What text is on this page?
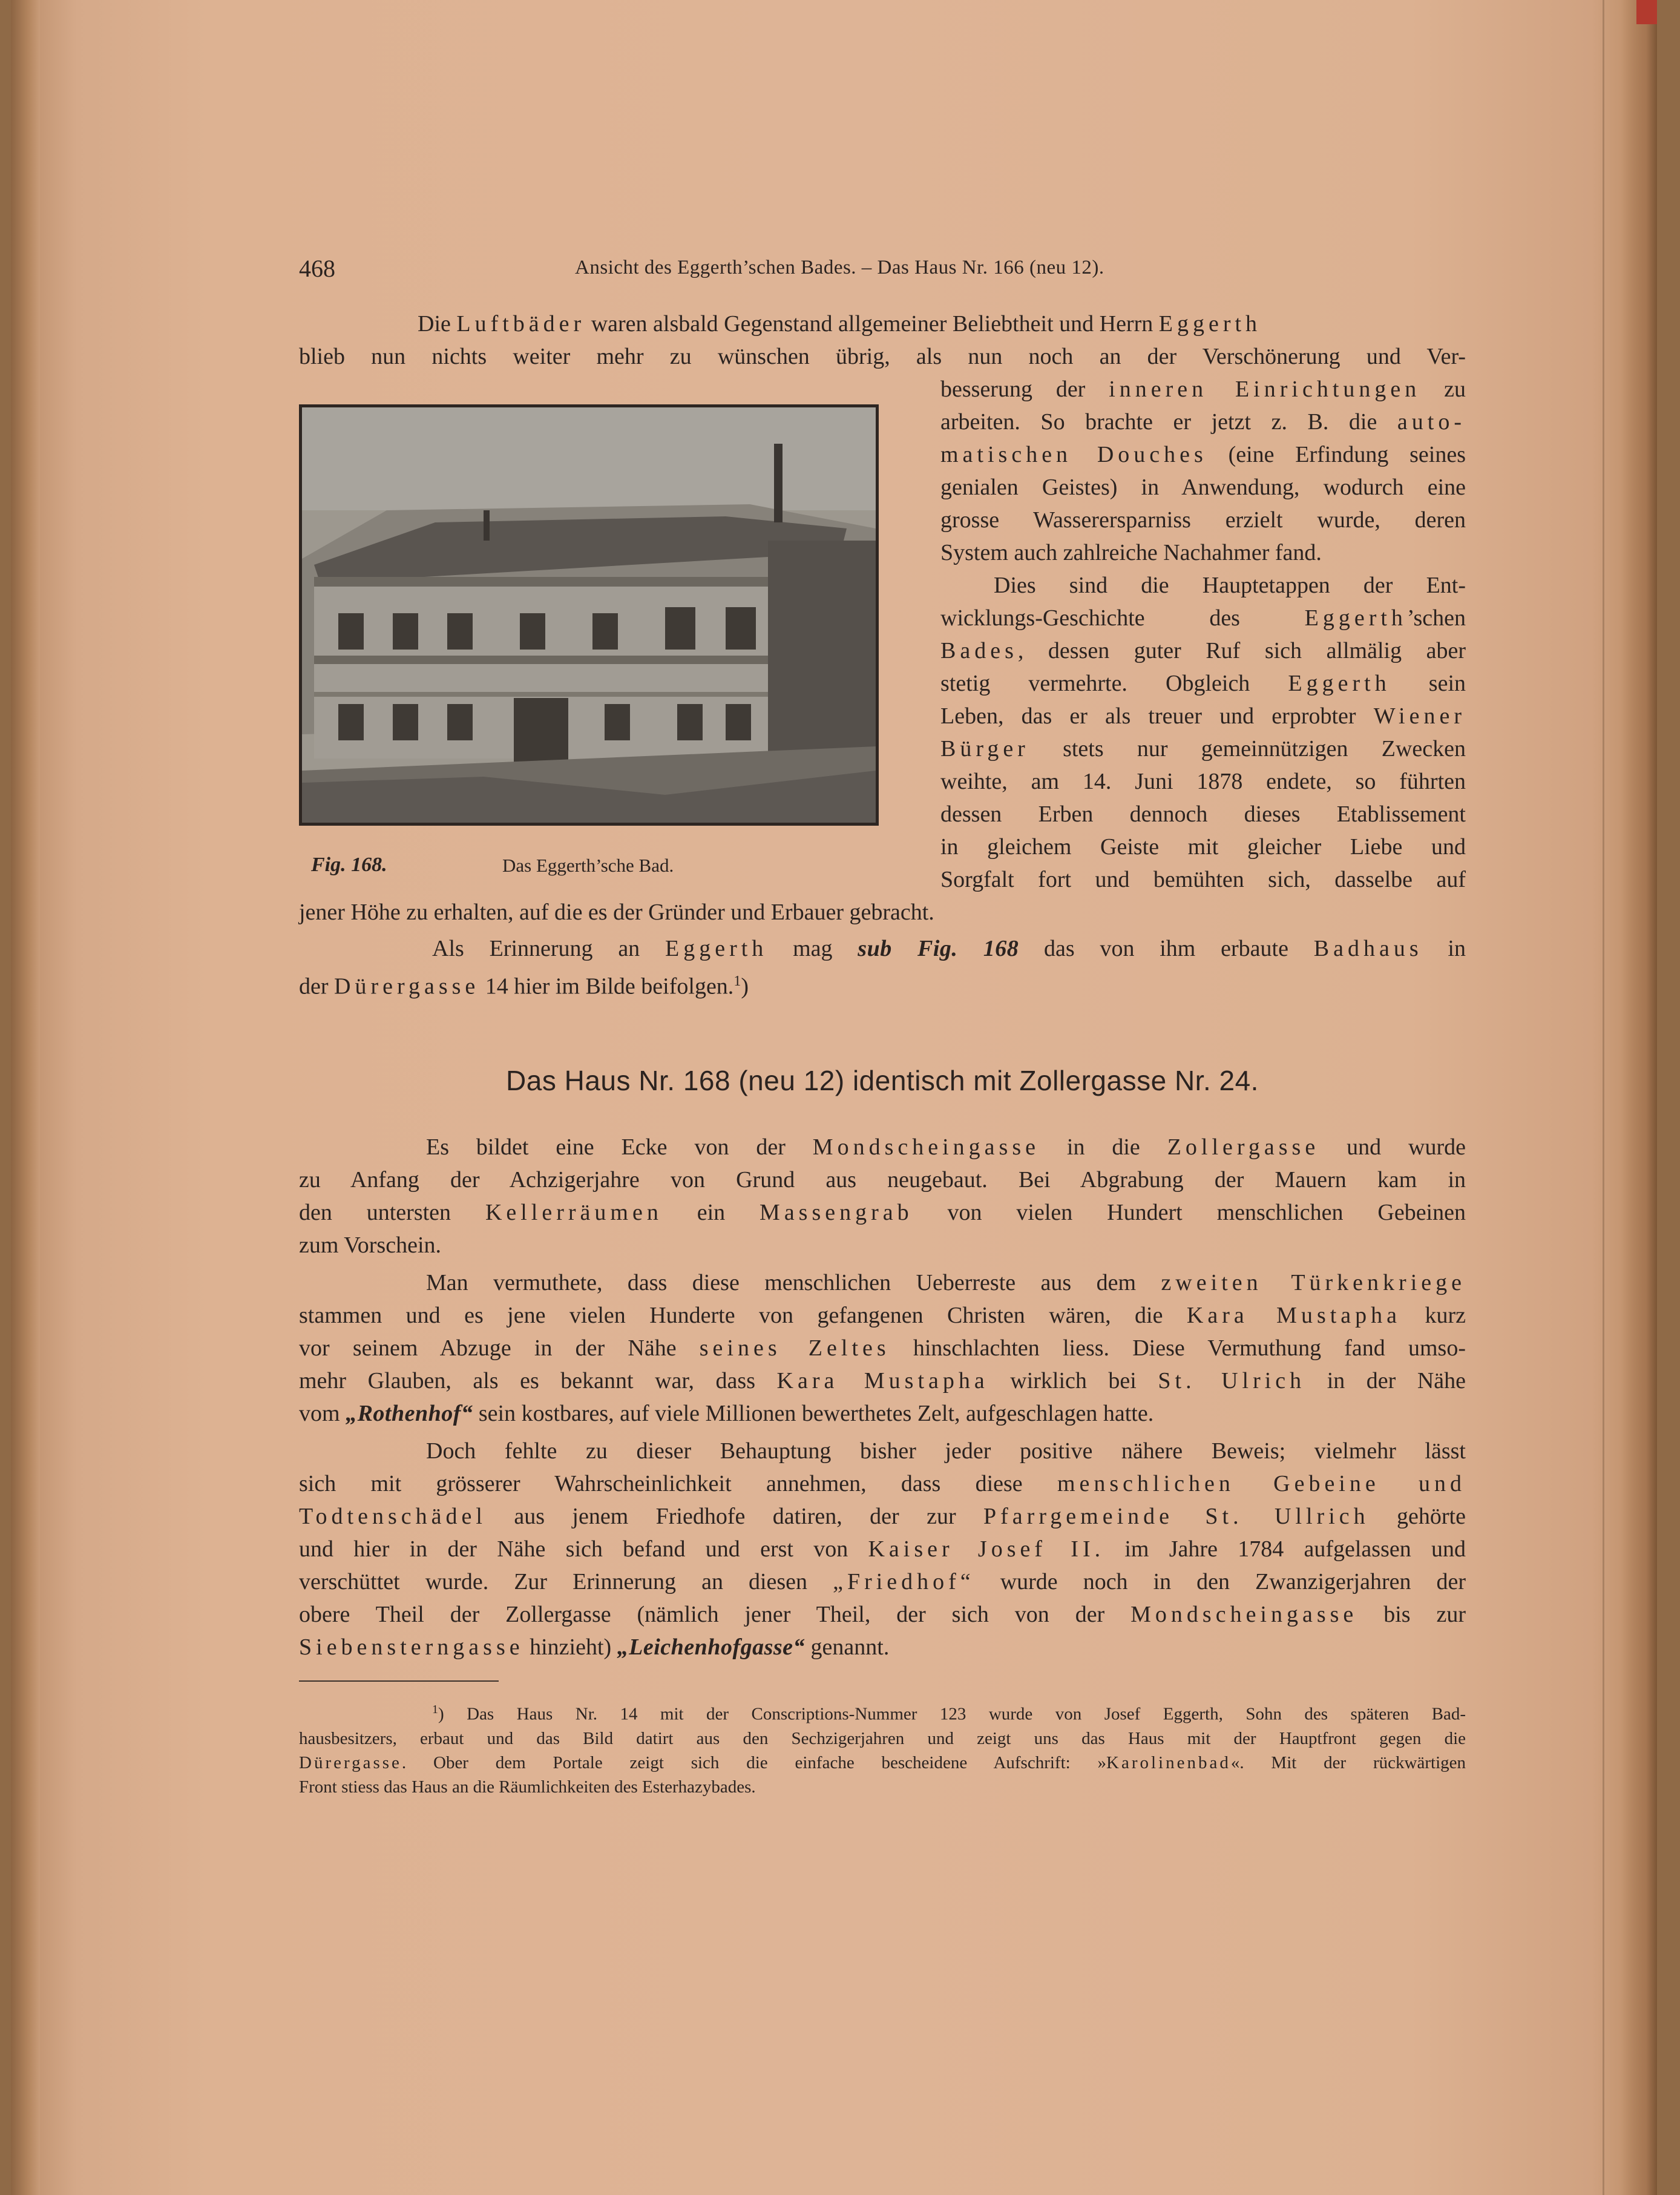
468	Ansicht des Eggerth’schen Bades. – Das Haus Nr. 166 (neu 12).

Die Luftbäder waren alsbald Gegenstand allgemeiner Beliebtheit und Herrn Eggerth

blieb nun nichts weiter mehr zu wünschen übrig, als nun noch an der Verschönerung und Ver-
besserung der inneren Einrichtungen zu
arbeiten. So brachte er jetzt z. B. die auto-
matischen Douches (eine Erfindung seines
genialen Geistes) in Anwendung, wodurch eine
grosse Wasserersparniss erzielt wurde, deren
System auch zahlreiche Nachahmer fand.
Dies sind die Hauptetappen der Ent-
wicklungs-Geschichte des Eggerth’schen
Bades, dessen guter Ruf sich allmälig aber
stetig vermehrte. Obgleich Eggerth sein
Leben, das er als treuer und erprobter Wiener
Bürger stets nur gemeinnützigen Zwecken
weihte, am 14. Juni 1878 endete, so führten
dessen Erben dennoch dieses Etablissement
in gleichem Geiste mit gleicher Liebe und
Sorgfalt fort und bemühten sich, dasselbe auf
Fig. 168.	Das Eggerth’sche Bad.
jener Höhe zu erhalten, auf die es der Gründer und Erbauer gebracht.
Als Erinnerung an Eggerth mag sub Fig. 168 das von ihm erbaute Badhaus in
der Dürergasse 14 hier im Bilde beifolgen.$^1$)
Das Haus Nr. 168 (neu 12) identisch mit Zollergasse Nr. 24.
Es bildet eine Ecke von der Mondscheingasse in die Zollergasse und wurde
zu Anfang der Achzigerjahre von Grund aus neugebaut. Bei Abgrabung der Mauern kam in
den untersten Kellerräumen ein Massengrab von vielen Hundert menschlichen Gebeinen
zum Vorschein.
Man vermuthete, dass diese menschlichen Ueberreste aus dem zweiten Türkenkriege
stammen und es jene vielen Hunderte von gefangenen Christen wären, die Kara Mustapha kurz
vor seinem Abzuge in der Nähe seines Zeltes hinschlachten liess. Diese Vermuthung fand umso-
mehr Glauben, als es bekannt war, dass Kara Mustapha wirklich bei St. Ulrich in der Nähe
vom „Rothenhof“ sein kostbares, auf viele Millionen bewerthetes Zelt, aufgeschlagen hatte.
Doch fehlte zu dieser Behauptung bisher jeder positive nähere Beweis; vielmehr lässt
sich mit grösserer Wahrscheinlichkeit annehmen, dass diese menschlichen Gebeine und
Todtenschädel aus jenem Friedhofe datiren, der zur Pfarrgemeinde St. Ullrich gehörte
und hier in der Nähe sich befand und erst von Kaiser Josef II. im Jahre 1784 aufgelassen und
verschüttet wurde. Zur Erinnerung an diesen „Friedhof“ wurde noch in den Zwanzigerjahren der
obere Theil der Zollergasse (nämlich jener Theil, der sich von der Mondscheingasse bis zur
Siebensterngasse hinzieht) „Leichenhofgasse“ genannt.
$^1$) Das Haus Nr. 14 mit der Conscriptions-Nummer 123 wurde von Josef Eggerth, Sohn des späteren Bad-
hausbesitzers, erbaut und das Bild datirt aus den Sechzigerjahren und zeigt uns das Haus mit der Hauptfront gegen die
Dürergasse. Ober dem Portale zeigt sich die einfache bescheidene Aufschrift: »Karolinenbad«. Mit der rückwärtigen
Front stiess das Haus an die Räumlichkeiten des Esterhazybades.
